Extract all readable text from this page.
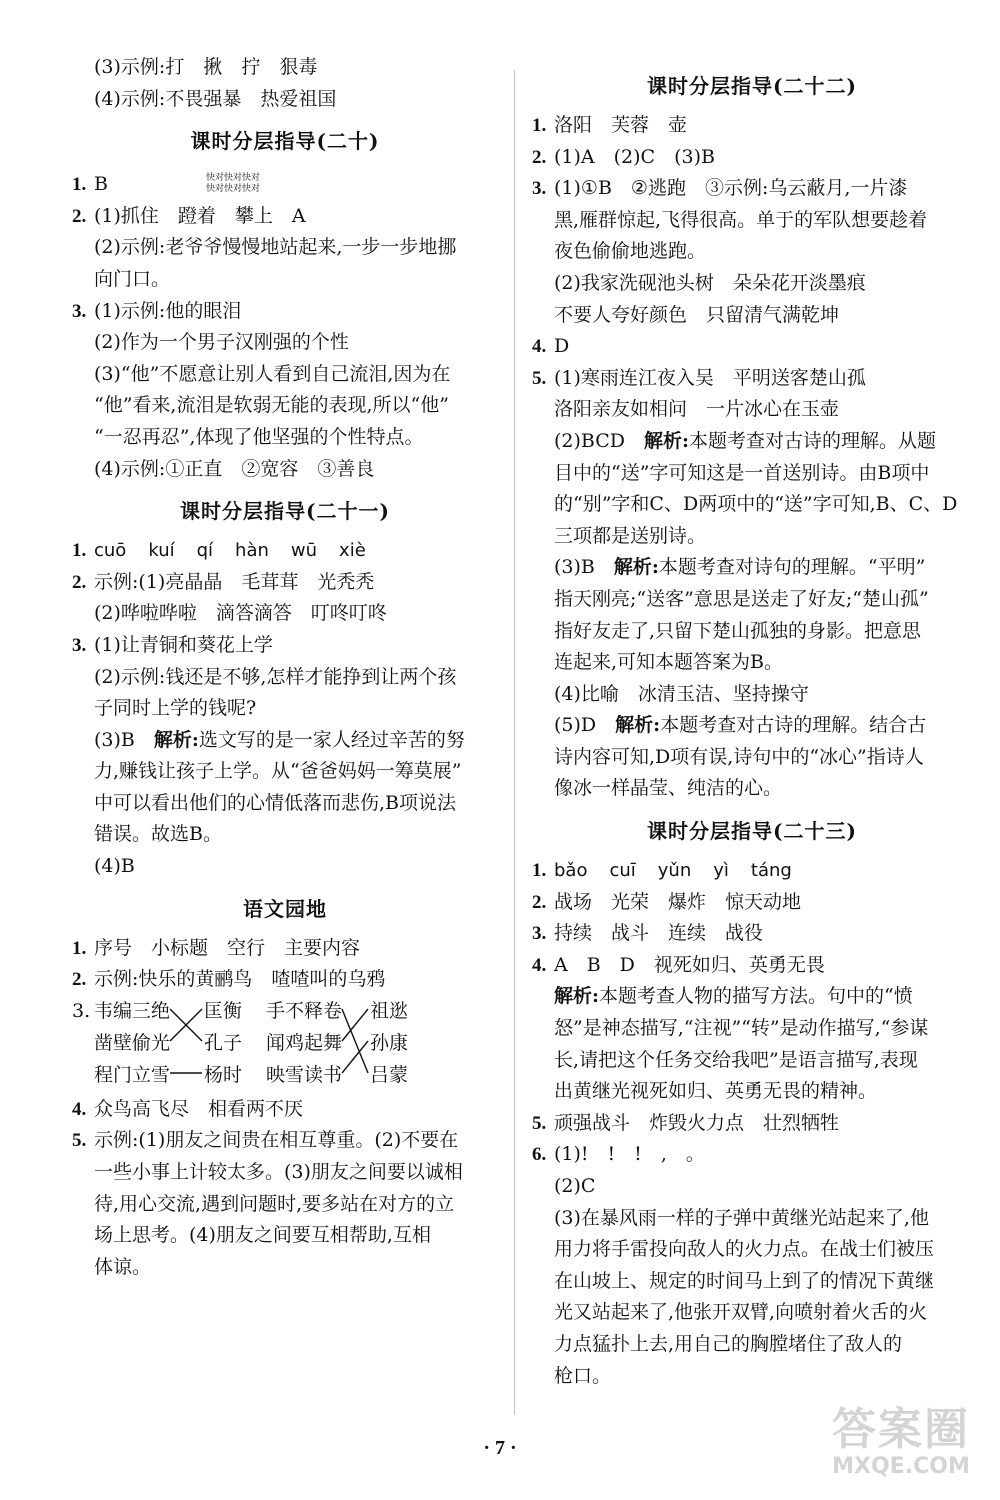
(3)示例:打　揪　拧　狠毒
(4)示例:不畏强暴　热爱祖国
课时分层指导(二十)
1. B	快对快对快对
快对快对快对
2. (1)抓住　蹬着　攀上　A
(2)示例:老爷爷慢慢地站起来,一步一步地挪
向门口。
3. (1)示例:他的眼泪
(2)作为一个男子汉刚强的个性
(3)“他”不愿意让别人看到自己流泪,因为在
“他”看来,流泪是软弱无能的表现,所以“他”
“一忍再忍”,体现了他坚强的个性特点。
(4)示例:①正直　②宽容　③善良
课时分层指导(二十一)
1. cuō kuí qí hàn wū xiè
2. 示例:(1)亮晶晶　毛茸茸　光秃秃
(2)哗啦哗啦　滴答滴答　叮咚叮咚
3. (1)让青铜和葵花上学
(2)示例:钱还是不够,怎样才能挣到让两个孩
子同时上学的钱呢?
(3)B　 解析:选文写的是一家人经过辛苦的努
力,赚钱让孩子上学。从“爸爸妈妈一筹莫展”
中可以看出他们的心情低落而悲伤,B项说法
错误。故选B。
(4)B
语文园地
1. 序号　小标题　空行　主要内容
2. 示例:快乐的黄鹂鸟　喳喳叫的乌鸦
3. 韦编三绝
凿壁偷光
程门立雪
匡衡
孔子
杨时
手不释卷
闻鸡起舞
映雪读书
祖逖
孙康
吕蒙
4. 众鸟高飞尽　相看两不厌
5. 示例:(1)朋友之间贵在相互尊重。(2)不要在
一些小事上计较太多。(3)朋友之间要以诚相
待,用心交流,遇到问题时,要多站在对方的立
场上思考。(4)朋友之间要互相帮助,互相
体谅。
课时分层指导(二十二)
1. 洛阳　芙蓉　壶
2. (1)A　(2)C　(3)B
3. (1)①B　②逃跑　③示例:乌云蔽月,一片漆
黑,雁群惊起,飞得很高。单于的军队想要趁着
夜色偷偷地逃跑。
(2)我家洗砚池头树　朵朵花开淡墨痕
不要人夸好颜色　只留清气满乾坤
4. D
5. (1)寒雨连江夜入吴　平明送客楚山孤
洛阳亲友如相问　一片冰心在玉壶
(2)BCD　 解析:本题考查对古诗的理解。从题
目中的“送”字可知这是一首送别诗。由B项中
的“别”字和C、D两项中的“送”字可知,B、C、D
三项都是送别诗。
(3)B　 解析:本题考查对诗句的理解。“平明”
指天刚亮;“送客”意思是送走了好友;“楚山孤”
指好友走了,只留下楚山孤独的身影。把意思
连起来,可知本题答案为B。
(4)比喻　冰清玉洁、坚持操守
(5)D　 解析:本题考查对古诗的理解。结合古
诗内容可知,D项有误,诗句中的“冰心”指诗人
像冰一样晶莹、纯洁的心。
课时分层指导(二十三)
1. bǎo cuī yǔn yì táng
2. 战场　光荣　爆炸　惊天动地
3. 持续　战斗　连续　战役
4. A　B　D　视死如归、英勇无畏
解析:本题考查人物的描写方法。句中的“愤
怒”是神态描写,“注视”“转”是动作描写,“参谋
长,请把这个任务交给我吧”是语言描写,表现
出黄继光视死如归、英勇无畏的精神。
5. 顽强战斗　炸毁火力点　壮烈牺牲
6. (1)!　!　!　,　。
(2)C
(3)在暴风雨一样的子弹中黄继光站起来了,他
用力将手雷投向敌人的火力点。在战士们被压
在山坡上、规定的时间马上到了的情况下黄继
光又站起来了,他张开双臂,向喷射着火舌的火
力点猛扑上去,用自己的胸膛堵住了敌人的
枪口。
· 7 ·	答案圈
MXQE.COM
